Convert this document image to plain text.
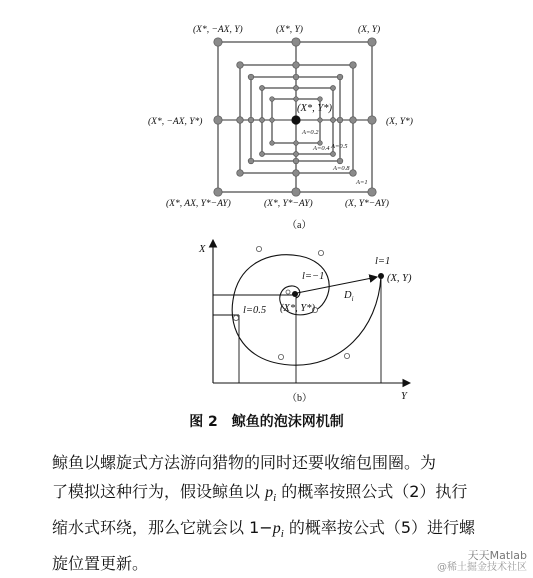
(X*, −AX, Y)	(X*, Y)	(X, Y)
(X*, −AX, Y*)
(X*, Y*)
(X, Y*)
(X*, AX, Y*−AY)	(X*, Y*−AY)	(X, Y*−AY)
A=0.2
A=0.4 A=0.5
A=0.8
A=1
（a）
X
Y
l=1
l=−1
l=0.5
(X, Y)
(X*, Y*)
$D_i$
（b）
图 2　鲸鱼的泡沫网机制

鲸鱼以螺旋式方法游向猎物的同时还要收缩包围圈。为

了模拟这种行为，假设鲸鱼以 $p_i$ 的概率按照公式（2）执行

缩水式环绕，那么它就会以 $1-p_i$ 的概率按公式（5）进行螺

旋位置更新。	天天Matlab
@稀土掘金技术社区
